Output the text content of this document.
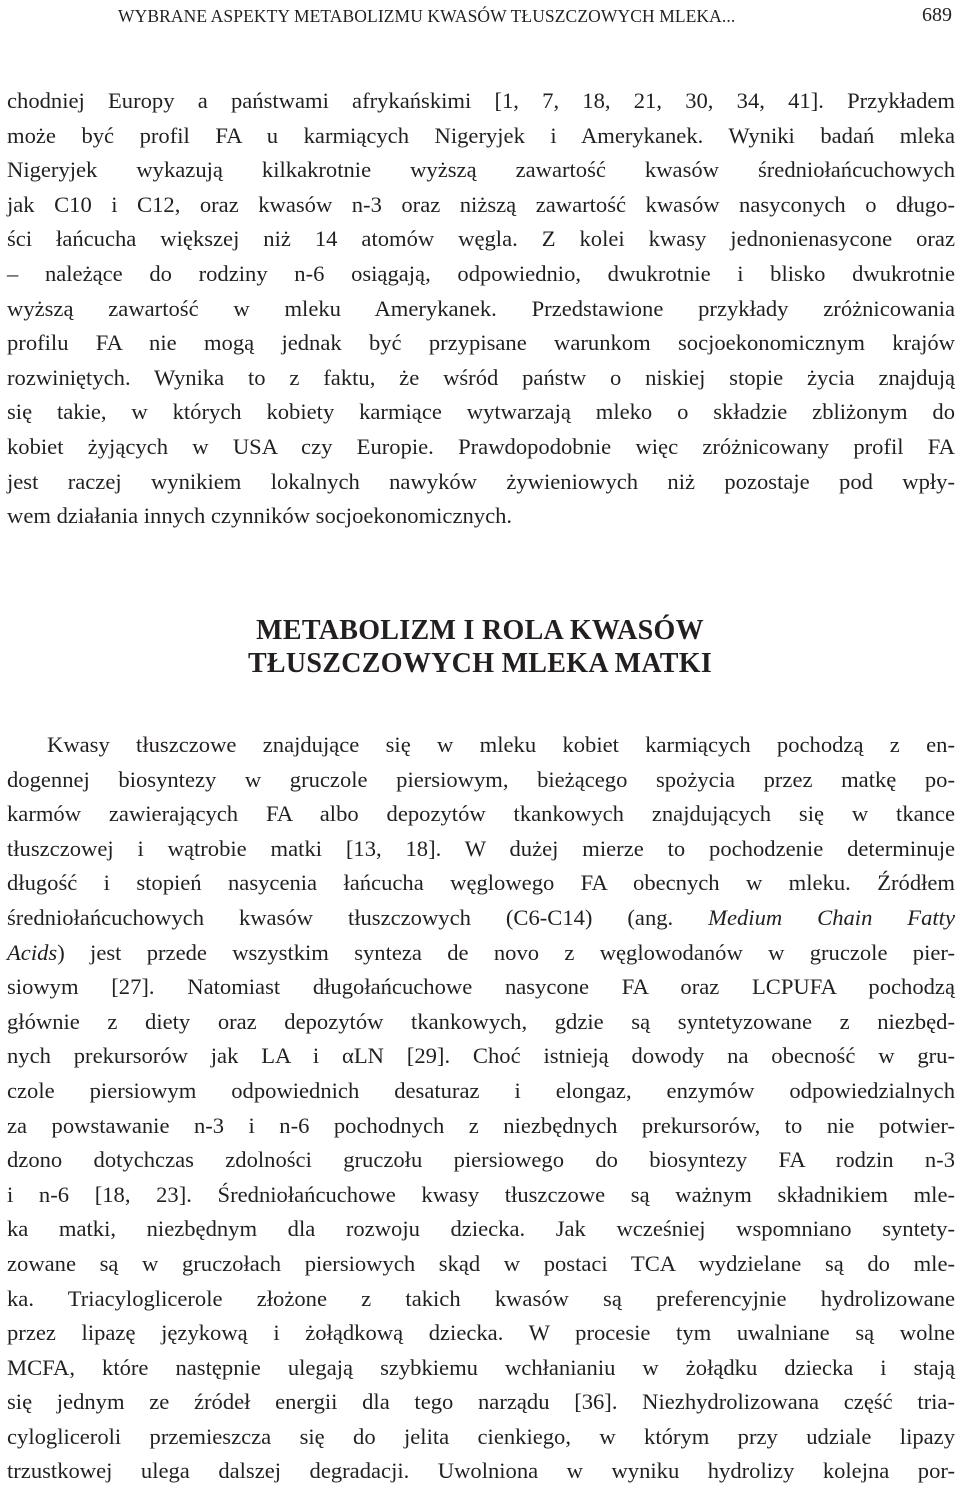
WYBRANE ASPEKTY METABOLIZMU KWASÓW TŁUSZCZOWYCH MLEKA...	689
chodniej Europy a państwami afrykańskimi [1, 7, 18, 21, 30, 34, 41]. Przykładem
może być profil FA u karmiących Nigeryjek i Amerykanek. Wyniki badań mleka
Nigeryjek wykazują kilkakrotnie wyższą zawartość kwasów średniołańcuchowych
jak C10 i C12, oraz kwasów n-3 oraz niższą zawartość kwasów nasyconych o długo-
ści łańcucha większej niż 14 atomów węgla. Z kolei kwasy jednonienasycone oraz
– należące do rodziny n-6 osiągają, odpowiednio, dwukrotnie i blisko dwukrotnie
wyższą zawartość w mleku Amerykanek. Przedstawione przykłady zróżnicowania
profilu FA nie mogą jednak być przypisane warunkom socjoekonomicznym krajów
rozwiniętych. Wynika to z faktu, że wśród państw o niskiej stopie życia znajdują
się takie, w których kobiety karmiące wytwarzają mleko o składzie zbliżonym do
kobiet żyjących w USA czy Europie. Prawdopodobnie więc zróżnicowany profil FA
jest raczej wynikiem lokalnych nawyków żywieniowych niż pozostaje pod wpły-
wem działania innych czynników socjoekonomicznych.
METABOLIZM I ROLA KWASÓW
TŁUSZCZOWYCH MLEKA MATKI
Kwasy tłuszczowe znajdujące się w mleku kobiet karmiących pochodzą z en-
dogennej biosyntezy w gruczole piersiowym, bieżącego spożycia przez matkę po-
karmów zawierających FA albo depozytów tkankowych znajdujących się w tkance
tłuszczowej i wątrobie matki [13, 18]. W dużej mierze to pochodzenie determinuje
długość i stopień nasycenia łańcucha węglowego FA obecnych w mleku. Źródłem
średniołańcuchowych kwasów tłuszczowych (C6-C14) (ang. Medium Chain Fatty
Acids) jest przede wszystkim synteza de novo z węglowodanów w gruczole pier-
siowym [27]. Natomiast długołańcuchowe nasycone FA oraz LCPUFA pochodzą
głównie z diety oraz depozytów tkankowych, gdzie są syntetyzowane z niezbęd-
nych prekursorów jak LA i αLN [29]. Choć istnieją dowody na obecność w gru-
czole piersiowym odpowiednich desaturaz i elongaz, enzymów odpowiedzialnych
za powstawanie n-3 i n-6 pochodnych z niezbędnych prekursorów, to nie potwier-
dzono dotychczas zdolności gruczołu piersiowego do biosyntezy FA rodzin n-3
i n-6 [18, 23]. Średniołańcuchowe kwasy tłuszczowe są ważnym składnikiem mle-
ka matki, niezbędnym dla rozwoju dziecka. Jak wcześniej wspomniano syntety-
zowane są w gruczołach piersiowych skąd w postaci TCA wydzielane są do mle-
ka. Triacyloglicerole złożone z takich kwasów są preferencyjnie hydrolizowane
przez lipazę językową i żołądkową dziecka. W procesie tym uwalniane są wolne
MCFA, które następnie ulegają szybkiemu wchłanianiu w żołądku dziecka i stają
się jednym ze źródeł energii dla tego narządu [36]. Niezhydrolizowana część tria-
cyloglicerolі przemieszcza się do jelita cienkiego, w którym przy udziale lipazy
trzustkowej ulega dalszej degradacji. Uwolniona w wyniku hydrolizy kolejna por-
